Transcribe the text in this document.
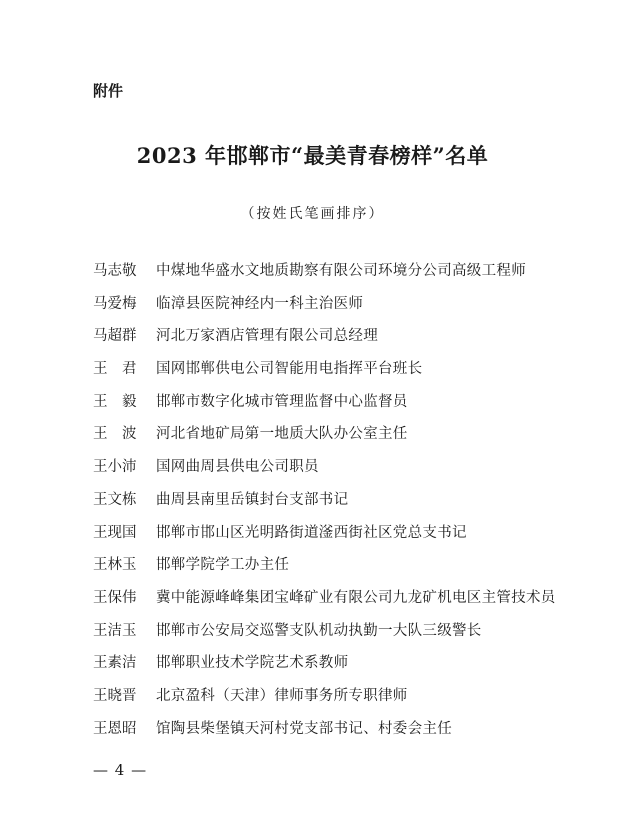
附件
2023 年邯郸市“最美青春榜样”名单
（按姓氏笔画排序）
马志敬	中煤地华盛水文地质勘察有限公司环境分公司高级工程师
马爱梅	临漳县医院神经内一科主治医师
马超群	河北万家酒店管理有限公司总经理
王　君	国网邯郸供电公司智能用电指挥平台班长
王　毅	邯郸市数字化城市管理监督中心监督员
王　波	河北省地矿局第一地质大队办公室主任
王小沛	国网曲周县供电公司职员
王文栋	曲周县南里岳镇封台支部书记
王现国	邯郸市邯山区光明路街道滏西街社区党总支书记
王林玉	邯郸学院学工办主任
王保伟	冀中能源峰峰集团宝峰矿业有限公司九龙矿机电区主管技术员
王洁玉	邯郸市公安局交巡警支队机动执勤一大队三级警长
王素洁	邯郸职业技术学院艺术系教师
王晓晋	北京盈科（天津）律师事务所专职律师
王恩昭	馆陶县柴堡镇天河村党支部书记、村委会主任
— 4 —
